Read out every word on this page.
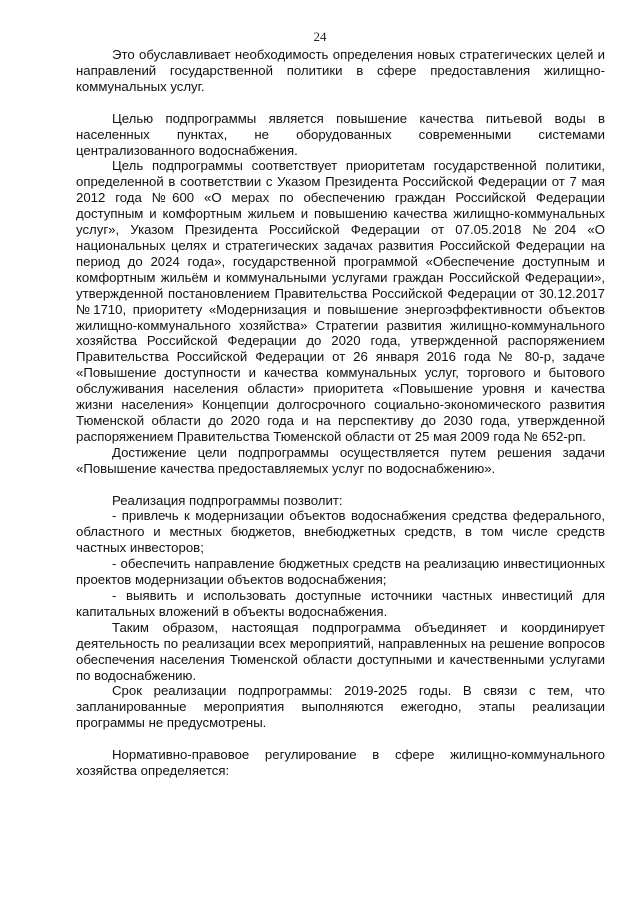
24

Это обуславливает необходимость определения новых стратегических целей и направлений государственной политики в сфере предоставления жилищно-коммунальных услуг.

Целью подпрограммы является повышение качества питьевой воды в населенных пунктах, не оборудованных современными системами централизованного водоснабжения.

Цель подпрограммы соответствует приоритетам государственной политики, определенной в соответствии с Указом Президента Российской Федерации от 7 мая 2012 года №600 «О мерах по обеспечению граждан Российской Федерации доступным и комфортным жильем и повышению качества жилищно-коммунальных услуг», Указом Президента Российской Федерации от 07.05.2018 №204 «О национальных целях и стратегических задачах развития Российской Федерации на период до 2024 года», государственной программой «Обеспечение доступным и комфортным жильём и коммунальными услугами граждан Российской Федерации», утвержденной постановлением Правительства Российской Федерации от 30.12.2017 №1710, приоритету «Модернизация и повышение энергоэффективности объектов жилищно-коммунального хозяйства» Стратегии развития жилищно-коммунального хозяйства Российской Федерации до 2020 года, утвержденной распоряжением Правительства Российской Федерации от 26 января 2016 года № 80-р, задаче «Повышение доступности и качества коммунальных услуг, торгового и бытового обслуживания населения области» приоритета «Повышение уровня и качества жизни населения» Концепции долгосрочного социально-экономического развития Тюменской области до 2020 года и на перспективу до 2030 года, утвержденной распоряжением Правительства Тюменской области от 25 мая 2009 года № 652-рп.

Достижение цели подпрограммы осуществляется путем решения задачи «Повышение качества предоставляемых услуг по водоснабжению».

Реализация подпрограммы позволит:

- привлечь к модернизации объектов водоснабжения средства федерального, областного и местных бюджетов, внебюджетных средств, в том числе средств частных инвесторов;

- обеспечить направление бюджетных средств на реализацию инвестиционных проектов модернизации объектов водоснабжения;

- выявить и использовать доступные источники частных инвестиций для капитальных вложений в объекты водоснабжения.

Таким образом, настоящая подпрограмма объединяет и координирует деятельность по реализации всех мероприятий, направленных на решение вопросов обеспечения населения Тюменской области доступными и качественными услугами по водоснабжению.

Срок реализации подпрограммы: 2019-2025 годы. В связи с тем, что запланированные мероприятия выполняются ежегодно, этапы реализации программы не предусмотрены.

Нормативно-правовое регулирование в сфере жилищно-коммунального хозяйства определяется:
